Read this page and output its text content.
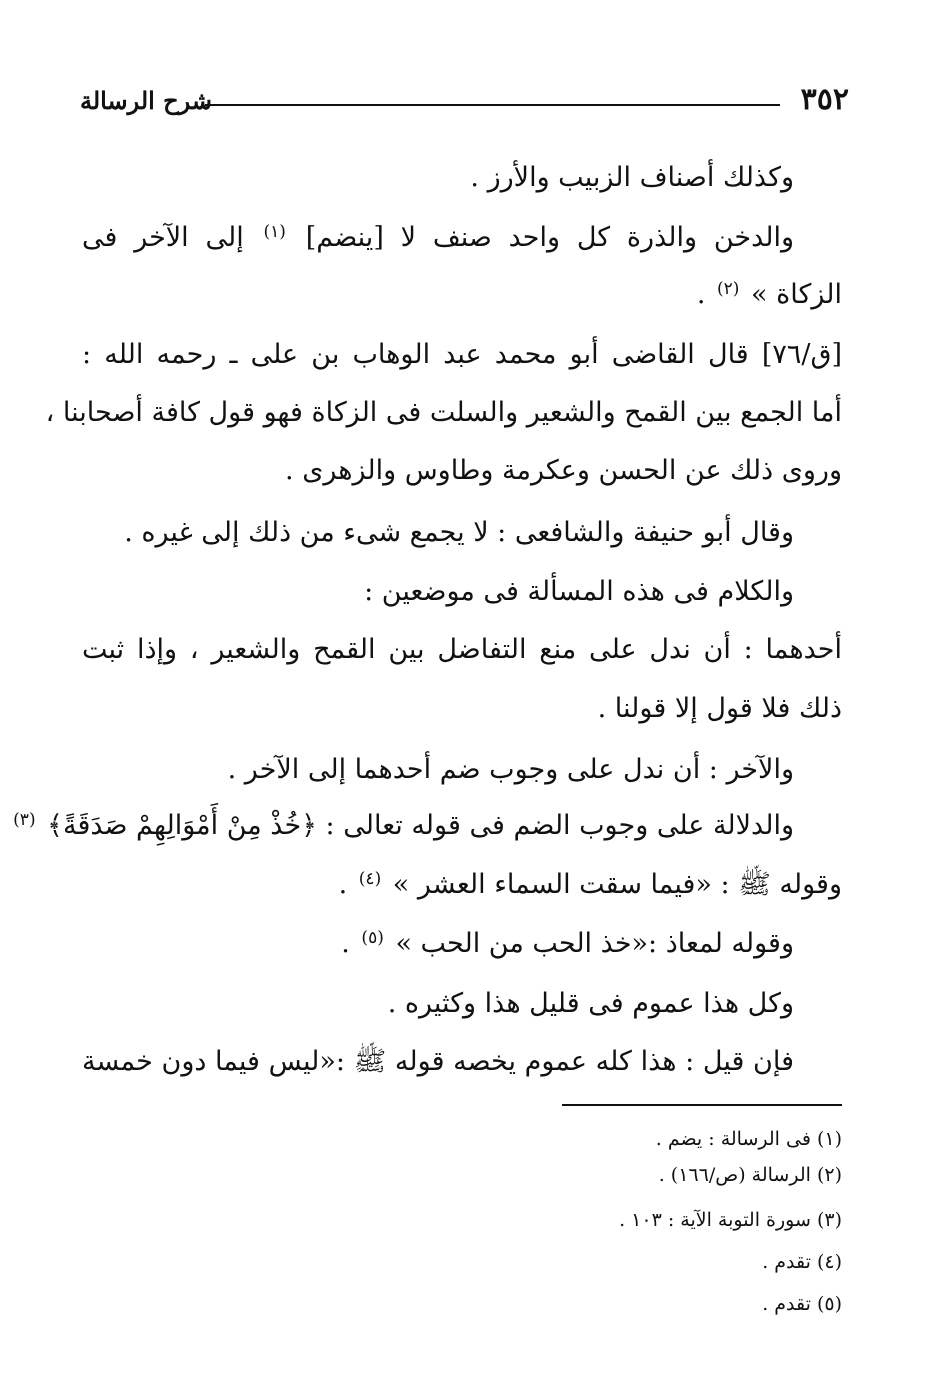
٣٥٢
شرح الرسالة
وكذلك أصناف الزبيب والأرز .
والدخن والذرة كل واحد صنف لا [ينضم] $^{(١)}$ إلى الآخر فى
الزكاة » $^{(٢)}$ .
[ق/٧٦] قال القاضى أبو محمد عبد الوهاب بن على ـ رحمه الله :
أما الجمع بين القمح والشعير والسلت فى الزكاة فهو قول كافة أصحابنا ،
وروى ذلك عن الحسن وعكرمة وطاوس والزهرى .
وقال أبو حنيفة والشافعى : لا يجمع شىء من ذلك إلى غيره .
والكلام فى هذه المسألة فى موضعين :
أحدهما : أن ندل على منع التفاضل بين القمح والشعير ، وإذا ثبت
ذلك فلا قول إلا قولنا .
والآخر : أن ندل على وجوب ضم أحدهما إلى الآخر .
والدلالة على وجوب الضم فى قوله تعالى : ﴿خُذْ مِنْ أَمْوَالِهِمْ صَدَقَةً﴾ $^{(٣)}$
وقوله ﷺ : «فيما سقت السماء العشر » $^{(٤)}$ .
وقوله لمعاذ :«خذ الحب من الحب » $^{(٥)}$ .
وكل هذا عموم فى قليل هذا وكثيره .
فإن قيل : هذا كله عموم يخصه قوله ﷺ :«ليس فيما دون خمسة
(١) فى الرسالة : يضم .
(٢) الرسالة (ص/١٦٦) .
(٣) سورة التوبة الآية : ١٠٣ .
(٤) تقدم .
(٥) تقدم .
